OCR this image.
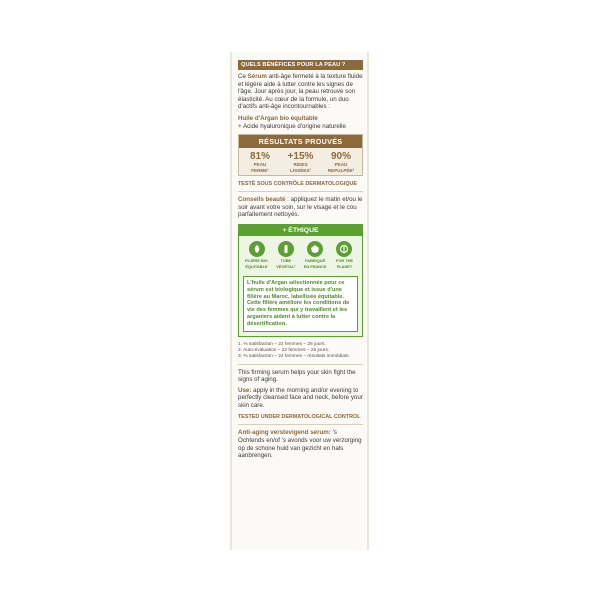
QUELS BÉNÉFICES POUR LA PEAU ?
Ce Sérum anti-âge fermeté à la texture fluide et légère aide à lutter contre les signes de l'âge. Jour après jour, la peau retrouve son élasticité. Au cœur de la formule, un duo d'actifs anti-âge incontournables :
Huile d'Argan bio équitable
+ Acide hyaluronique d'origine naturelle
RÉSULTATS PROUVÉS
81%
PEAU
FERME¹
+15%
RIDES
LISSÉES²
90%
PEAU
REPULPÉE³
TESTÉ SOUS CONTRÔLE DERMATOLOGIQUE
Conseils beauté : appliquez le matin et/ou le soir avant votre soin, sur le visage et le cou parfaitement nettoyés.
+ ÉTHIQUE
FILIÈRE BIO
ÉQUITABLE
TUBE
VÉGÉTAL²
FABRIQUÉ
EN FRANCE
FOR THE
PLANET
L'huile d'Argan sélectionnée pour ce sérum est biologique et issue d'une filière au Maroc, labellisée équitable. Cette filière améliore les conditions de vie des femmes qui y travaillent et les arganiers aident à lutter contre la désertification.
1. % satisfaction – 22 femmes – 28 jours.
2. Auto-évaluation – 22 femmes – 28 jours.
3. % satisfaction – 22 femmes – résultats immédiats.
This firming serum helps your skin fight the signs of aging.
Use: apply in the morning and/or evening to perfectly cleansed face and neck, before your skin care.
TESTED UNDER DERMATOLOGICAL CONTROL
Anti-aging verstevigend serum: 's Ochtends en/of 's avonds voor uw verzorging op de schone huid van gezicht en hals aanbrengen.
